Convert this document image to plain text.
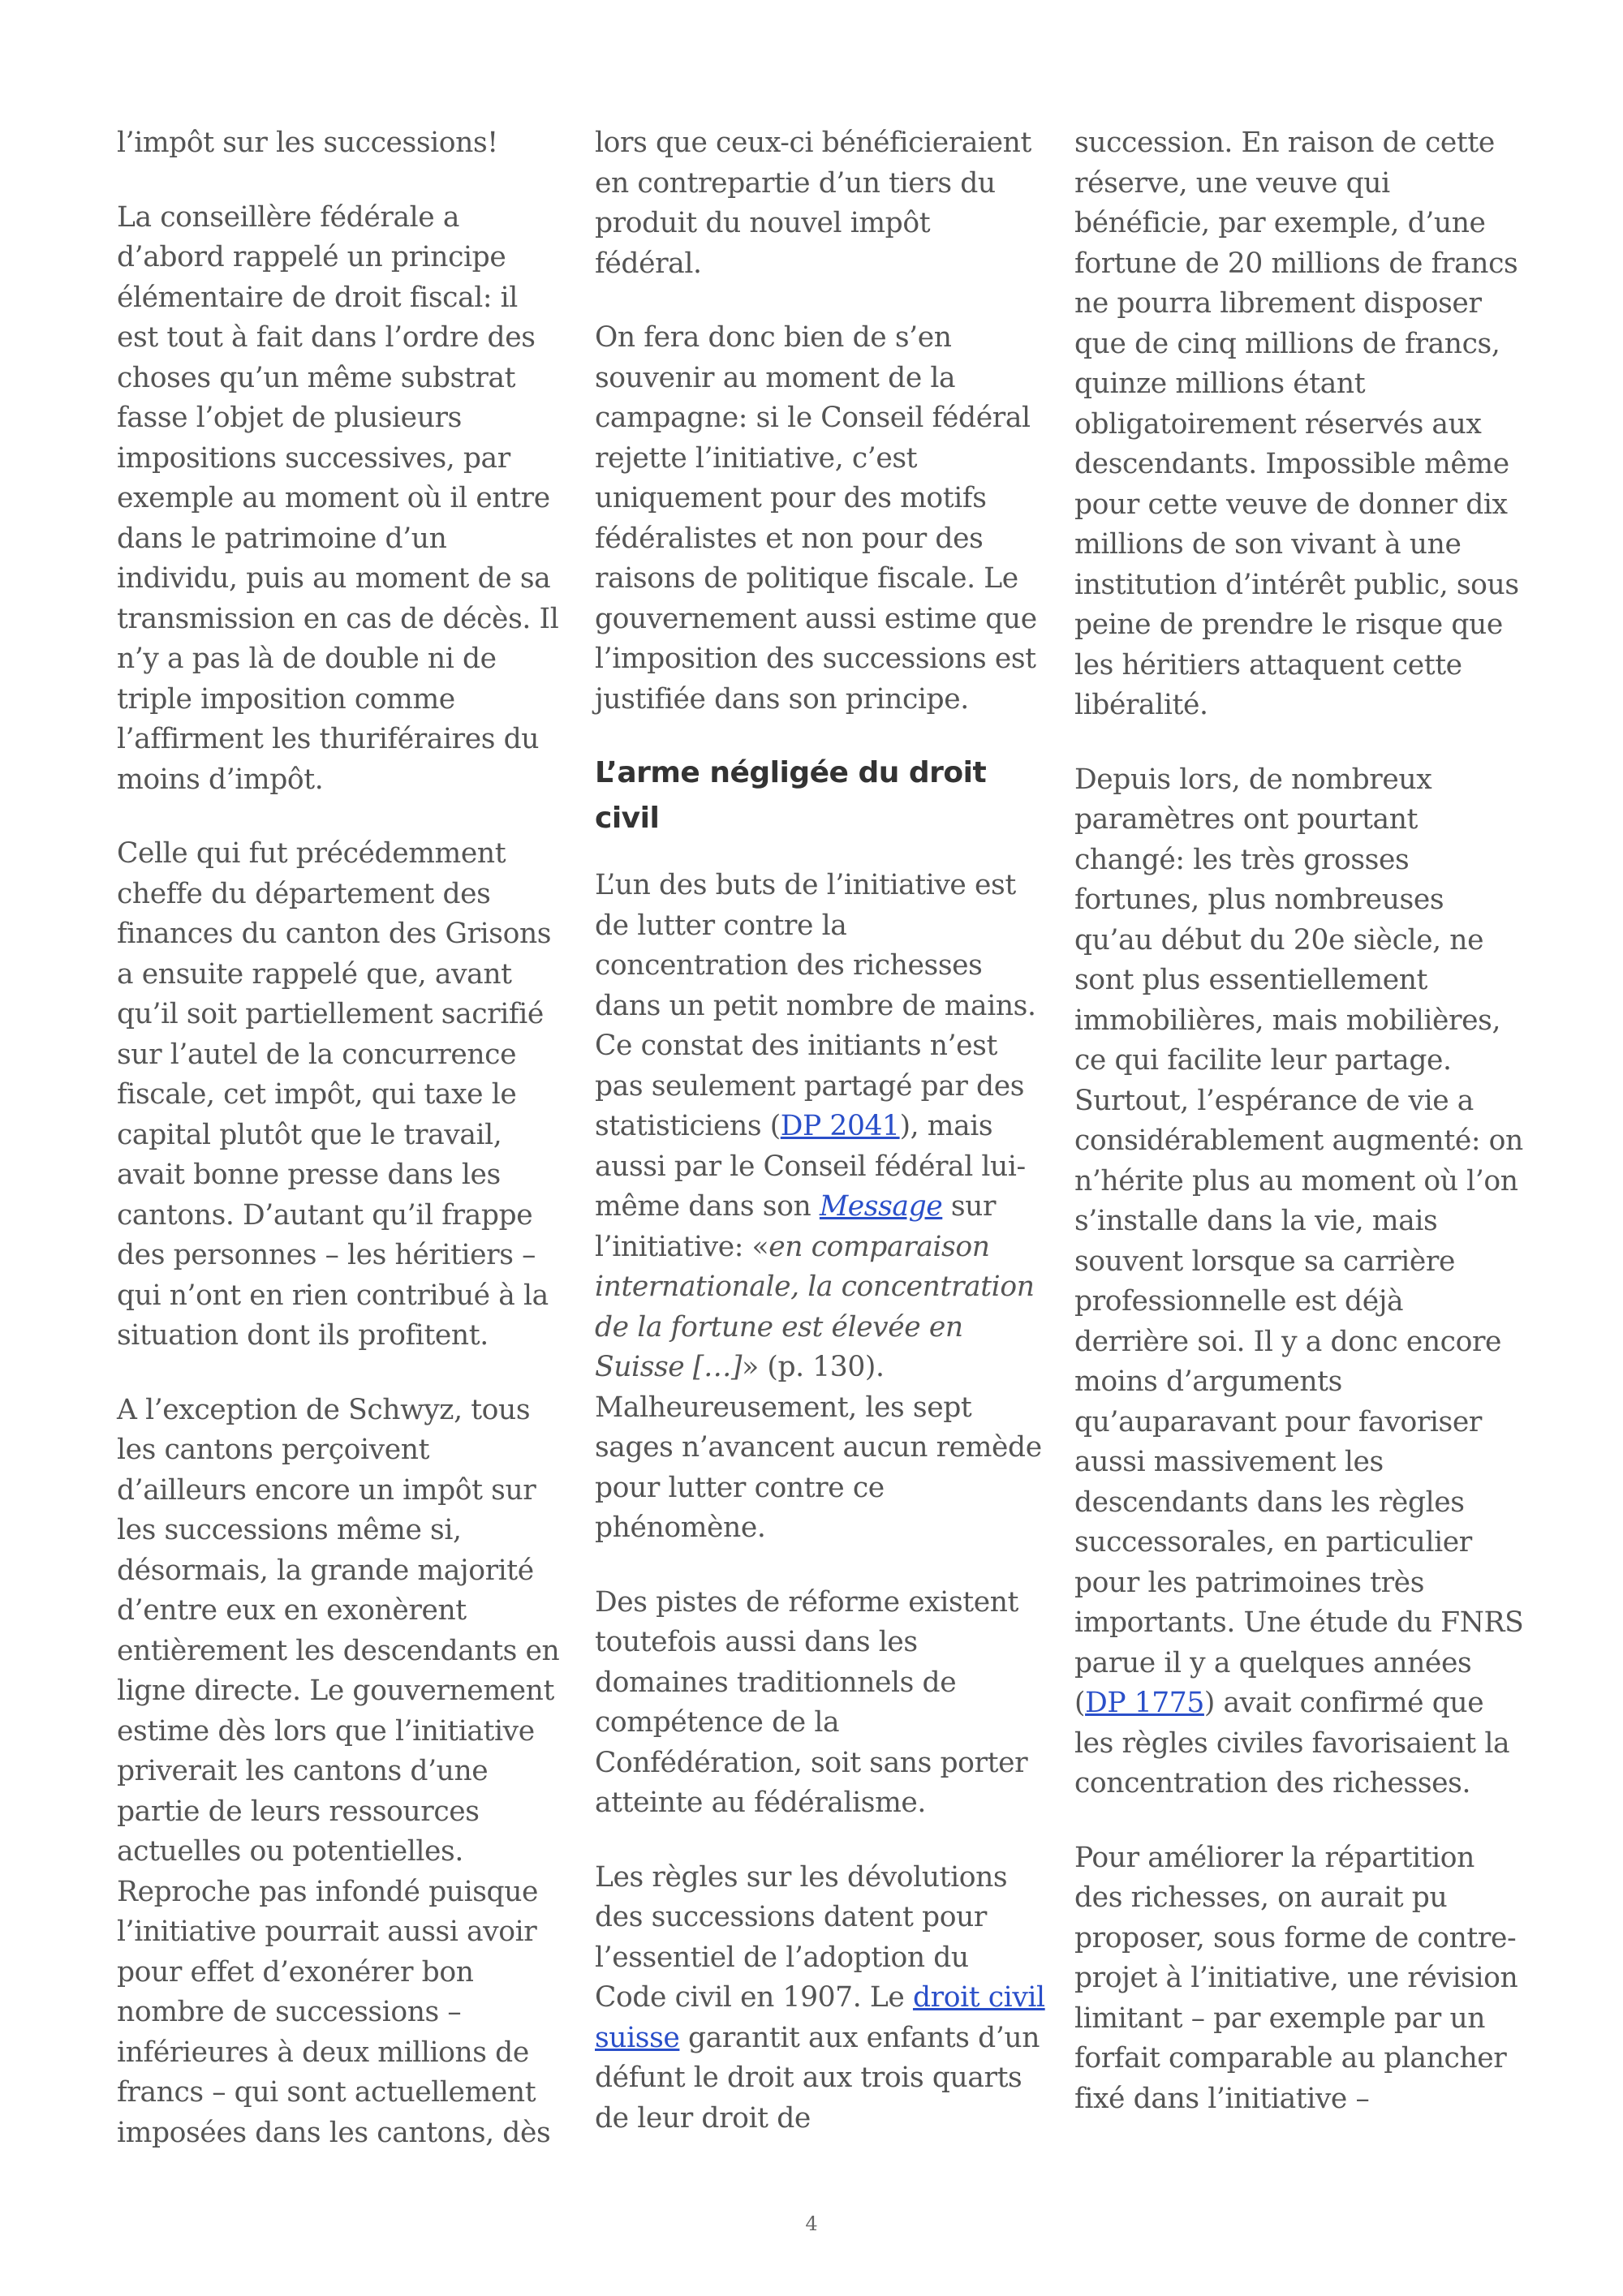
l’impôt sur les successions!

La conseillère fédérale a d’abord rappelé un principe élémentaire de droit fiscal: il est tout à fait dans l’ordre des choses qu’un même substrat fasse l’objet de plusieurs impositions successives, par exemple au moment où il entre dans le patrimoine d’un individu, puis au moment de sa transmission en cas de décès. Il n’y a pas là de double ni de triple imposition comme l’affirment les thuriféraires du moins d’impôt.

Celle qui fut précédemment cheffe du département des finances du canton des Grisons a ensuite rappelé que, avant qu’il soit partiellement sacrifié sur l’autel de la concurrence fiscale, cet impôt, qui taxe le capital plutôt que le travail, avait bonne presse dans les cantons. D’autant qu’il frappe des personnes – les héritiers – qui n’ont en rien contribué à la situation dont ils profitent.

A l’exception de Schwyz, tous les cantons perçoivent d’ailleurs encore un impôt sur les successions même si, désormais, la grande majorité d’entre eux en exonèrent entièrement les descendants en ligne directe. Le gouvernement estime dès lors que l’initiative priverait les cantons d’une partie de leurs ressources actuelles ou potentielles. Reproche pas infondé puisque l’initiative pourrait aussi avoir pour effet d’exonérer bon nombre de successions – inférieures à deux millions de francs – qui sont actuellement imposées dans les cantons, dès

lors que ceux-ci bénéficieraient en contrepartie d’un tiers du produit du nouvel impôt fédéral.

On fera donc bien de s’en souvenir au moment de la campagne: si le Conseil fédéral rejette l’initiative, c’est uniquement pour des motifs fédéralistes et non pour des raisons de politique fiscale. Le gouvernement aussi estime que l’imposition des successions est justifiée dans son principe.

L’arme négligée du droit civil

L’un des buts de l’initiative est de lutter contre la concentration des richesses dans un petit nombre de mains. Ce constat des initiants n’est pas seulement partagé par des statisticiens (DP 2041), mais aussi par le Conseil fédéral lui-même dans son Message sur l’initiative: «en comparaison internationale, la concentration de la fortune est élevée en Suisse […]» (p. 130). Malheureusement, les sept sages n’avancent aucun remède pour lutter contre ce phénomène.

Des pistes de réforme existent toutefois aussi dans les domaines traditionnels de compétence de la Confédération, soit sans porter atteinte au fédéralisme.

Les règles sur les dévolutions des successions datent pour l’essentiel de l’adoption du Code civil en 1907. Le droit civil suisse garantit aux enfants d’un défunt le droit aux trois quarts de leur droit de

succession. En raison de cette réserve, une veuve qui bénéficie, par exemple, d’une fortune de 20 millions de francs ne pourra librement disposer que de cinq millions de francs, quinze millions étant obligatoirement réservés aux descendants. Impossible même pour cette veuve de donner dix millions de son vivant à une institution d’intérêt public, sous peine de prendre le risque que les héritiers attaquent cette libéralité.

Depuis lors, de nombreux paramètres ont pourtant changé: les très grosses fortunes, plus nombreuses qu’au début du 20e siècle, ne sont plus essentiellement immobilières, mais mobilières, ce qui facilite leur partage. Surtout, l’espérance de vie a considérablement augmenté: on n’hérite plus au moment où l’on s’installe dans la vie, mais souvent lorsque sa carrière professionnelle est déjà derrière soi. Il y a donc encore moins d’arguments qu’auparavant pour favoriser aussi massivement les descendants dans les règles successorales, en particulier pour les patrimoines très importants. Une étude du FNRS parue il y a quelques années (DP 1775) avait confirmé que les règles civiles favorisaient la concentration des richesses.

Pour améliorer la répartition des richesses, on aurait pu proposer, sous forme de contre-projet à l’initiative, une révision limitant – par exemple par un forfait comparable au plancher fixé dans l’initiative –

4
